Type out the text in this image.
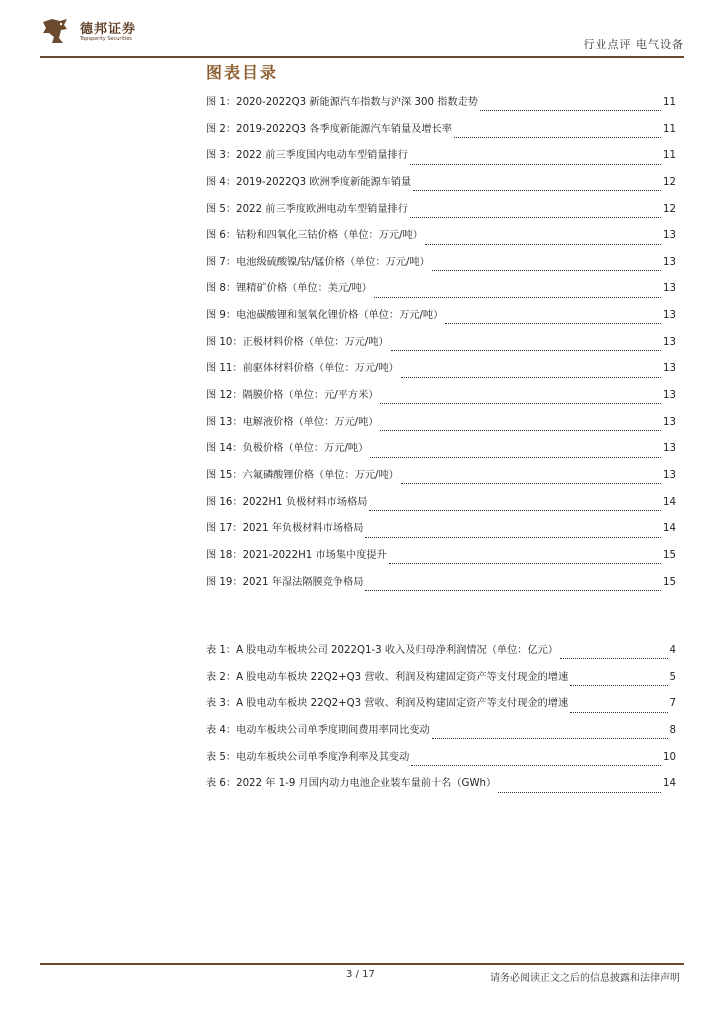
德邦证券
Topsperity Securities	行业点评 电气设备
图表目录
图 1：2020-2022Q3 新能源汽车指数与沪深 300 指数走势	11
图 2：2019-2022Q3 各季度新能源汽车销量及增长率	11
图 3：2022 前三季度国内电动车型销量排行	11
图 4：2019-2022Q3 欧洲季度新能源车销量	12
图 5：2022 前三季度欧洲电动车型销量排行	12
图 6：钴粉和四氧化三钴价格（单位：万元/吨）	13
图 7：电池级硫酸镍/钴/锰价格（单位：万元/吨）	13
图 8：锂精矿价格（单位：美元/吨）	13
图 9：电池碳酸锂和氢氧化锂价格（单位：万元/吨）	13
图 10：正极材料价格（单位：万元/吨）	13
图 11：前驱体材料价格（单位：万元/吨）	13
图 12：隔膜价格（单位：元/平方米）	13
图 13：电解液价格（单位：万元/吨）	13
图 14：负极价格（单位：万元/吨）	13
图 15：六氟磷酸锂价格（单位：万元/吨）	13
图 16：2022H1 负极材料市场格局	14
图 17：2021 年负极材料市场格局	14
图 18：2021-2022H1 市场集中度提升	15
图 19：2021 年湿法隔膜竞争格局	15
表 1：A 股电动车板块公司 2022Q1-3 收入及归母净利润情况（单位：亿元）	4
表 2：A 股电动车板块 22Q2+Q3 营收、利润及构建固定资产等支付现金的增速	5
表 3：A 股电动车板块 22Q2+Q3 营收、利润及构建固定资产等支付现金的增速	7
表 4：电动车板块公司单季度期间费用率同比变动	8
表 5：电动车板块公司单季度净利率及其变动	10
表 6：2022 年 1-9 月国内动力电池企业装车量前十名（GWh）	14
3 / 17	请务必阅读正文之后的信息披露和法律声明
